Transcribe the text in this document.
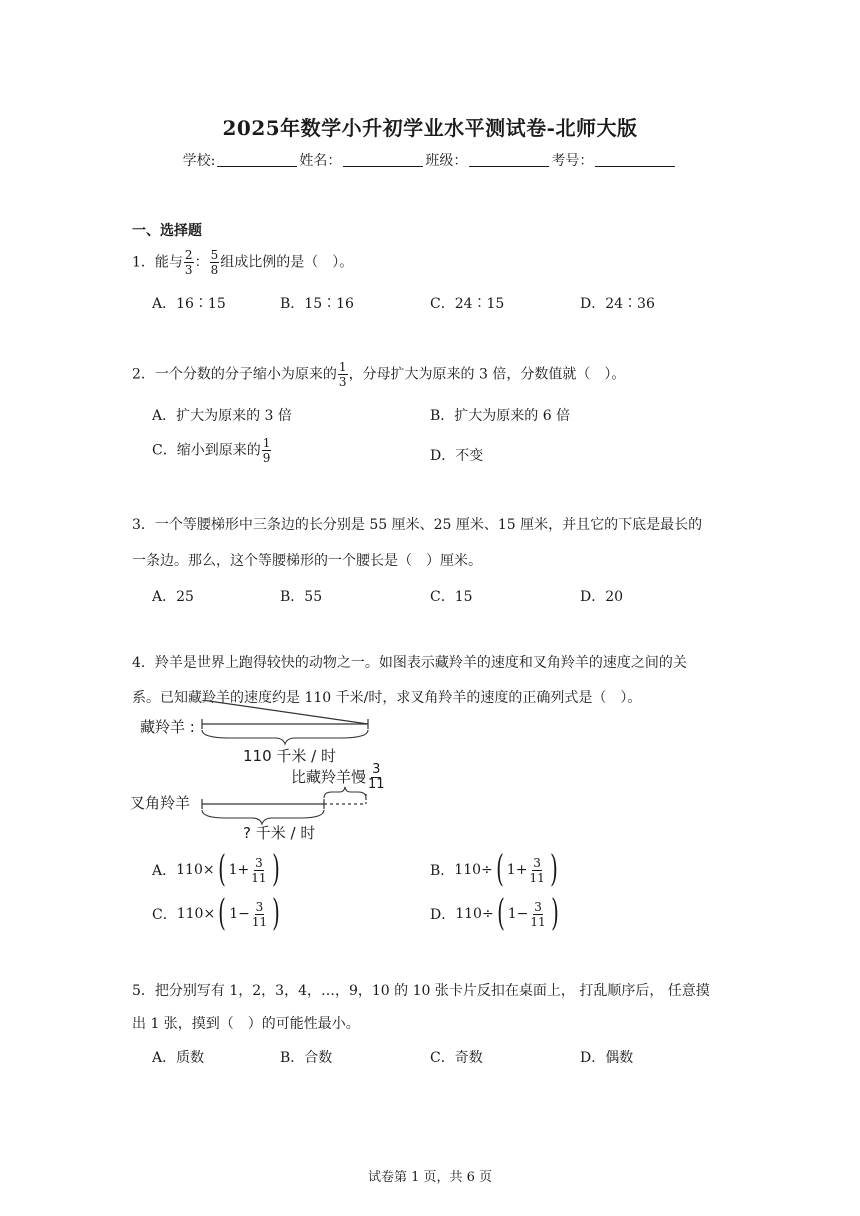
2025年数学小升初学业水平测试卷-北师大版
学校:	姓名：	班级：	考号：
一、选择题
1．能与 $\frac{2}{3}$ ： $\frac{5}{8}$ 组成比例的是（　）。
A．16∶15	B．15∶16	C．24∶15	D．24∶36
2．一个分数的分子缩小为原来的 $\frac{1}{3}$ ，分母扩大为原来的 3 倍，分数值就（　）。
A．扩大为原来的 3 倍	B．扩大为原来的 6 倍
C．缩小到原来的 $\frac{1}{9}$	D．不变
3．一个等腰梯形中三条边的长分别是 55 厘米、25 厘米、15 厘米，并且它的下底是最长的
一条边。那么，这个等腰梯形的一个腰长是（　）厘米。
A．25	B．55	C．15	D．20
4．羚羊是世界上跑得较快的动物之一。如图表示藏羚羊的速度和叉角羚羊的速度之间的关
系。已知藏羚羊的速度约是 110 千米/时，求叉角羚羊的速度的正确列式是（　）。
藏羚羊 :
110 千米 / 时
比藏羚羊慢 $\frac{3}{11}$
叉角羚羊
? 千米 / 时
A． 110× ( $1+ \frac{3}{11}$ )	B． 110÷ ( $1+ \frac{3}{11}$ )
C． 110× ( $1- \frac{3}{11}$ )	D． 110÷ ( $1- \frac{3}{11}$ )
5．把分别写有 1，2，3，4，…，9，10 的 10 张卡片反扣在桌面上， 打乱顺序后， 任意摸
出 1 张，摸到（　）的可能性最小。
A．质数	B．合数	C．奇数	D．偶数
试卷第 1 页，共 6 页
